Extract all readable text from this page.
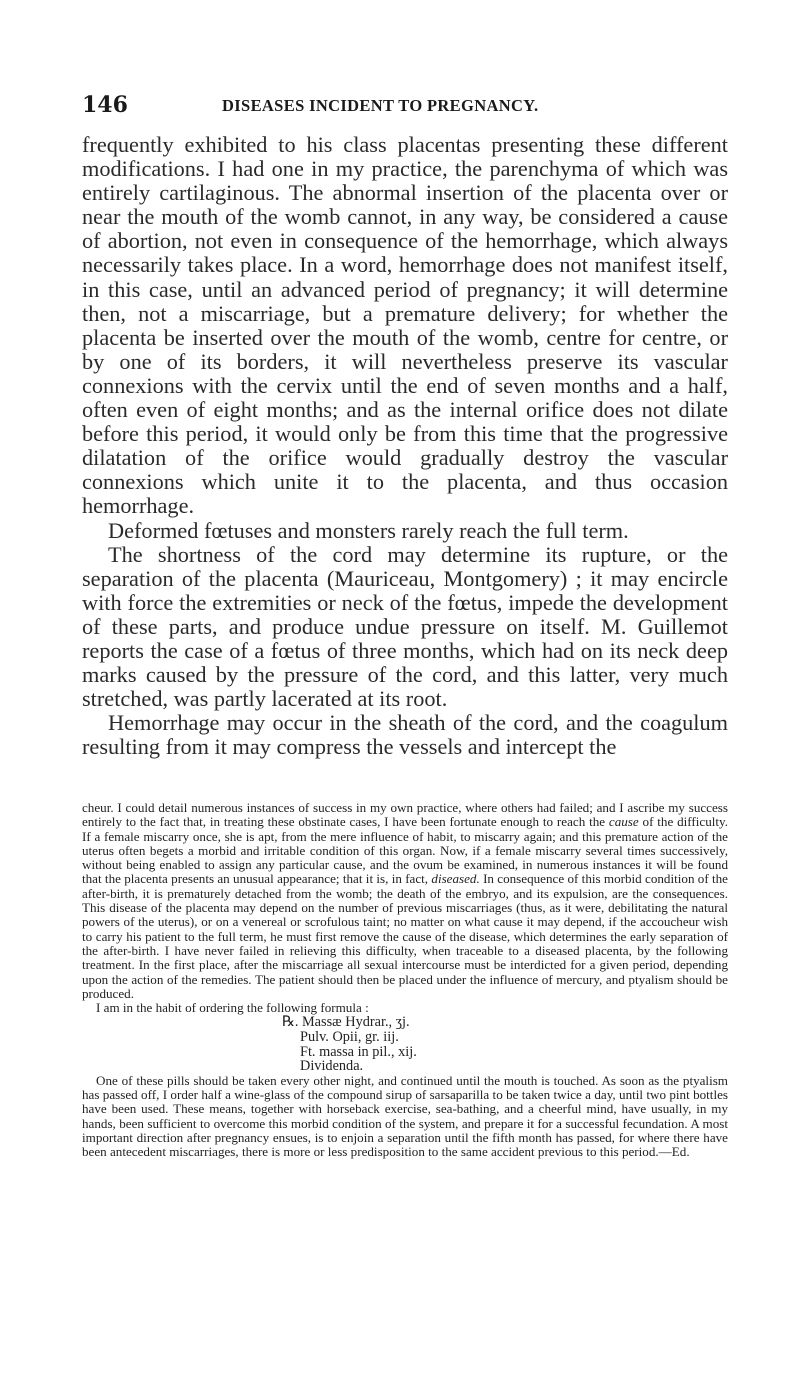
146	DISEASES INCIDENT TO PREGNANCY.

frequently exhibited to his class placentas presenting these different modifications. I had one in my practice, the parenchyma of which was entirely cartilaginous. The abnormal insertion of the placenta over or near the mouth of the womb cannot, in any way, be considered a cause of abortion, not even in consequence of the hemorrhage, which always necessarily takes place. In a word, hemorrhage does not manifest itself, in this case, until an advanced period of pregnancy; it will determine then, not a miscarriage, but a premature delivery; for whether the placenta be inserted over the mouth of the womb, centre for centre, or by one of its borders, it will nevertheless preserve its vascular connexions with the cervix until the end of seven months and a half, often even of eight months; and as the internal orifice does not dilate before this period, it would only be from this time that the progressive dilatation of the orifice would gradually destroy the vascular connexions which unite it to the placenta, and thus occasion hemorrhage.

Deformed fœtuses and monsters rarely reach the full term.

The shortness of the cord may determine its rupture, or the separation of the placenta (Mauriceau, Montgomery) ; it may encircle with force the extremities or neck of the fœtus, impede the development of these parts, and produce undue pressure on itself. M. Guillemot reports the case of a fœtus of three months, which had on its neck deep marks caused by the pressure of the cord, and this latter, very much stretched, was partly lacerated at its root.

Hemorrhage may occur in the sheath of the cord, and the coagulum resulting from it may compress the vessels and intercept the

cheur. I could detail numerous instances of success in my own practice, where others had failed; and I ascribe my success entirely to the fact that, in treating these obstinate cases, I have been fortunate enough to reach the cause of the difficulty. If a female miscarry once, she is apt, from the mere influence of habit, to miscarry again; and this premature action of the uterus often begets a morbid and irritable condition of this organ. Now, if a female miscarry several times successively, without being enabled to assign any particular cause, and the ovum be examined, in numerous instances it will be found that the placenta presents an unusual appearance; that it is, in fact, diseased. In consequence of this morbid condition of the after-birth, it is prematurely detached from the womb; the death of the embryo, and its expulsion, are the consequences. This disease of the placenta may depend on the number of previous miscarriages (thus, as it were, debilitating the natural powers of the uterus), or on a venereal or scrofulous taint; no matter on what cause it may depend, if the accoucheur wish to carry his patient to the full term, he must first remove the cause of the disease, which determines the early separation of the after-birth. I have never failed in relieving this difficulty, when traceable to a diseased placenta, by the following treatment. In the first place, after the miscarriage all sexual intercourse must be interdicted for a given period, depending upon the action of the remedies. The patient should then be placed under the influence of mercury, and ptyalism should be produced.

I am in the habit of ordering the following formula :

℞. Massæ Hydrar., ʒj.
Pulv. Opii, gr. iij.
Ft. massa in pil., xij.
Dividenda.

One of these pills should be taken every other night, and continued until the mouth is touched. As soon as the ptyalism has passed off, I order half a wine-glass of the compound sirup of sarsaparilla to be taken twice a day, until two pint bottles have been used. These means, together with horseback exercise, sea-bathing, and a cheerful mind, have usually, in my hands, been sufficient to overcome this morbid condition of the system, and prepare it for a successful fecundation. A most important direction after pregnancy ensues, is to enjoin a separation until the fifth month has passed, for where there have been antecedent miscarriages, there is more or less predisposition to the same accident previous to this period.—Ed.
